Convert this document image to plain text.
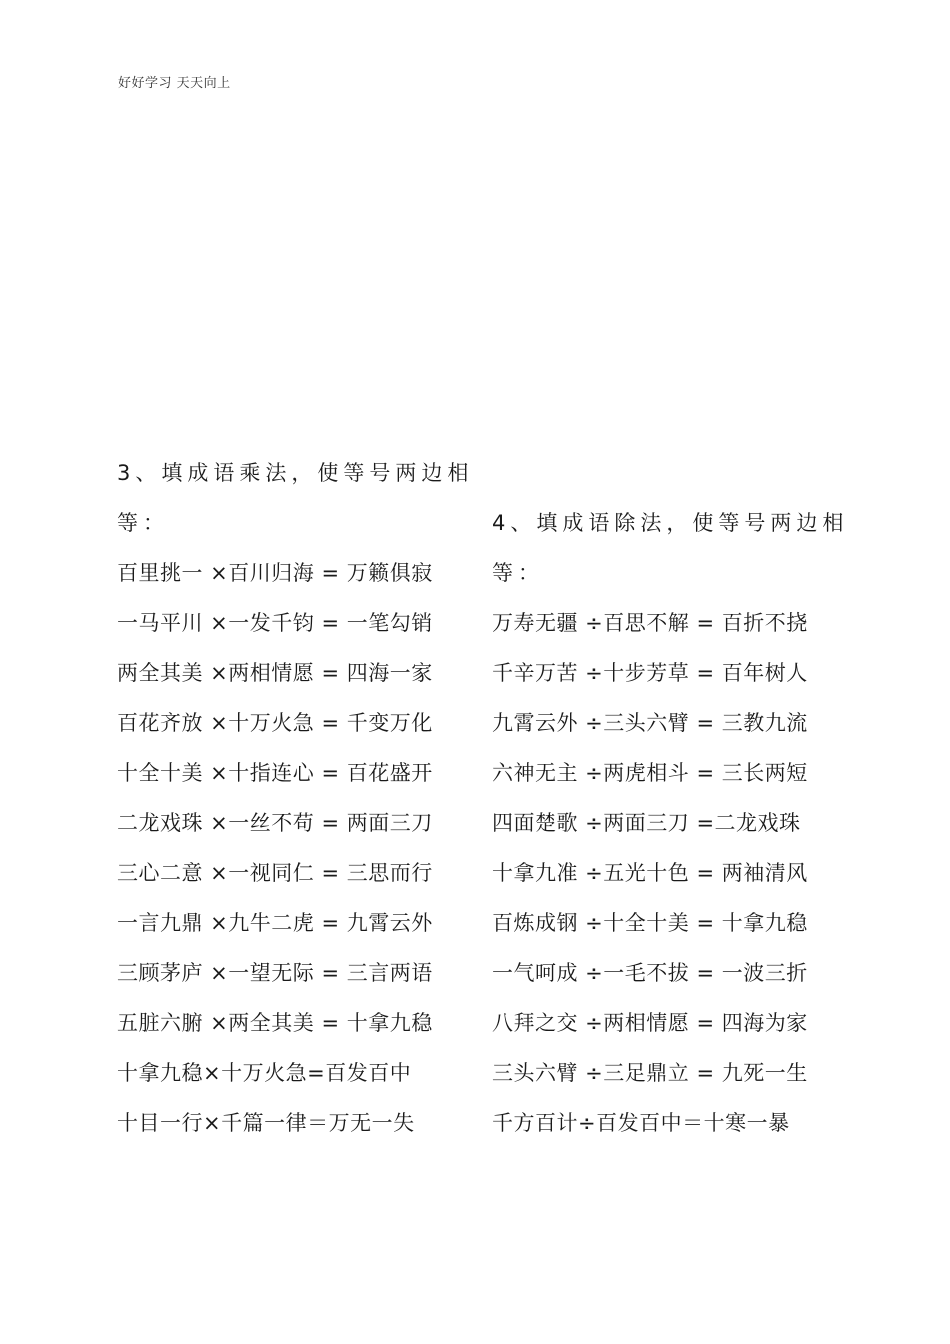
好好学习 天天向上
3、填成语乘法，使等号两边相
等：
百里挑一 ×百川归海 = 万籁俱寂
一马平川 ×一发千钧 = 一笔勾销
两全其美 ×两相情愿 = 四海一家
百花齐放 ×十万火急 = 千变万化
十全十美 ×十指连心 = 百花盛开
二龙戏珠 ×一丝不苟 = 两面三刀
三心二意 ×一视同仁 = 三思而行
一言九鼎 ×九牛二虎 = 九霄云外
三顾茅庐 ×一望无际 = 三言两语
五脏六腑 ×两全其美 = 十拿九稳
十拿九稳×十万火急=百发百中
十目一行×千篇一律＝万无一失
4、填成语除法，使等号两边相
等：
万寿无疆 ÷百思不解 = 百折不挠
千辛万苦 ÷十步芳草 = 百年树人
九霄云外 ÷三头六臂 = 三教九流
六神无主 ÷两虎相斗 = 三长两短
四面楚歌 ÷两面三刀 =二龙戏珠
十拿九准 ÷五光十色 = 两袖清风
百炼成钢 ÷十全十美 = 十拿九稳
一气呵成 ÷一毛不拔 = 一波三折
八拜之交 ÷两相情愿 = 四海为家
三头六臂 ÷三足鼎立 = 九死一生
千方百计÷百发百中＝十寒一暴
